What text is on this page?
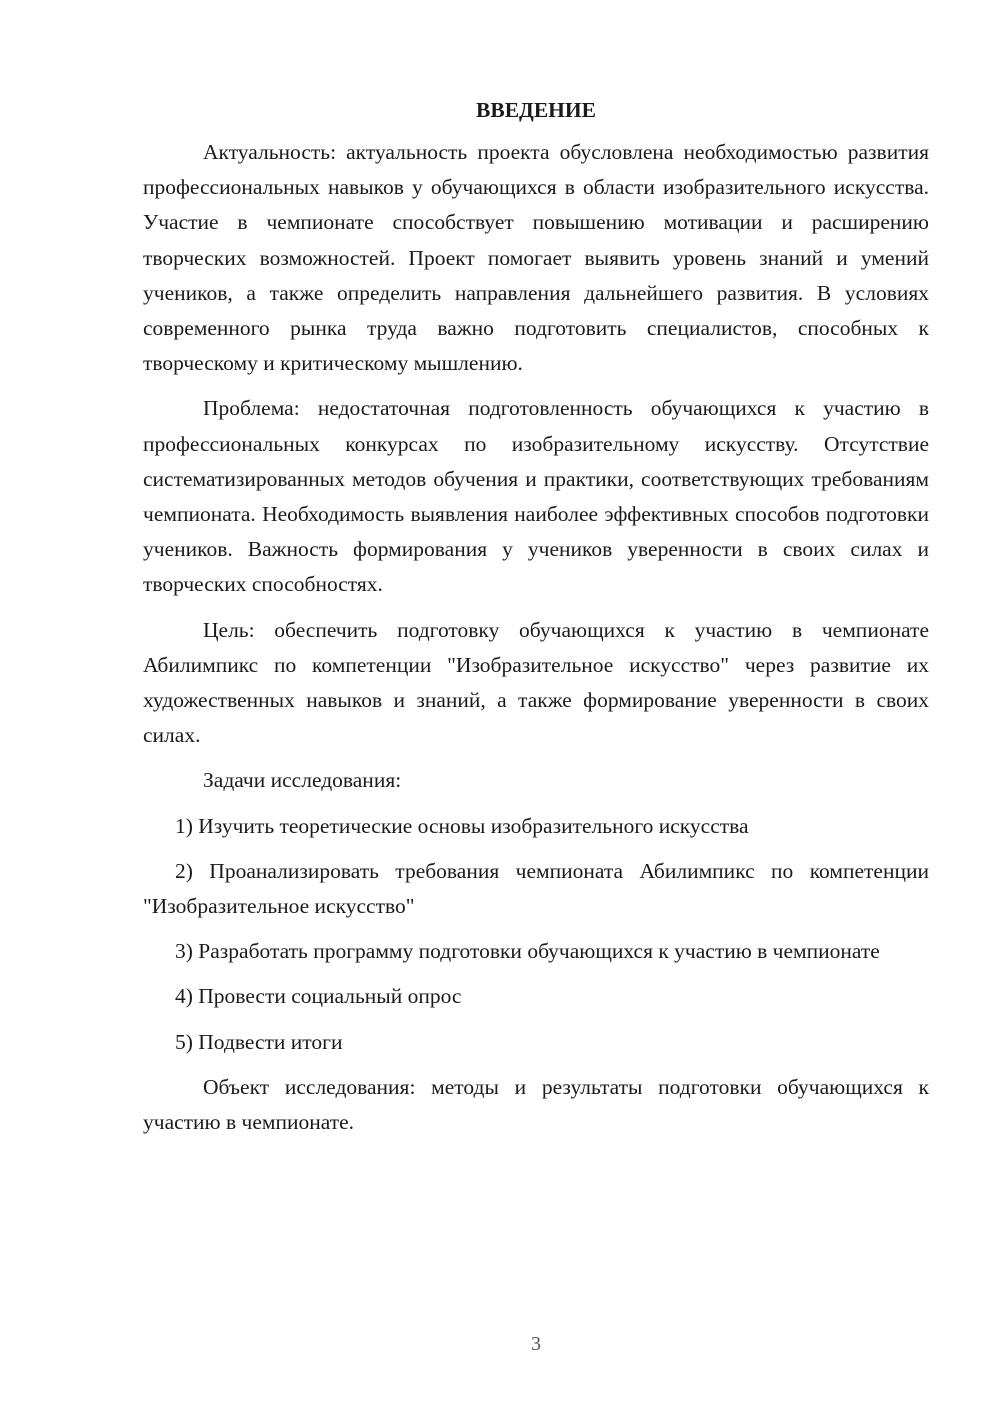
ВВЕДЕНИЕ

Актуальность: актуальность проекта обусловлена необходимостью развития профессиональных навыков у обучающихся в области изобразительного искусства. Участие в чемпионате способствует повышению мотивации и расширению творческих возможностей. Проект помогает выявить уровень знаний и умений учеников, а также определить направления дальнейшего развития. В условиях современного рынка труда важно подготовить специалистов, способных к творческому и критическому мышлению.

Проблема: недостаточная подготовленность обучающихся к участию в профессиональных конкурсах по изобразительному искусству. Отсутствие систематизированных методов обучения и практики, соответствующих требованиям чемпионата. Необходимость выявления наиболее эффективных способов подготовки учеников. Важность формирования у учеников уверенности в своих силах и творческих способностях.

Цель: обеспечить подготовку обучающихся к участию в чемпионате Абилимпикс по компетенции "Изобразительное искусство" через развитие их художественных навыков и знаний, а также формирование уверенности в своих силах.

Задачи исследования:

1) Изучить теоретические основы изобразительного искусства

2) Проанализировать требования чемпионата Абилимпикс по компетенции "Изобразительное искусство"

3) Разработать программу подготовки обучающихся к участию в чемпионате

4) Провести социальный опрос

5) Подвести итоги

Объект исследования: методы и результаты подготовки обучающихся к участию в чемпионате.

3
